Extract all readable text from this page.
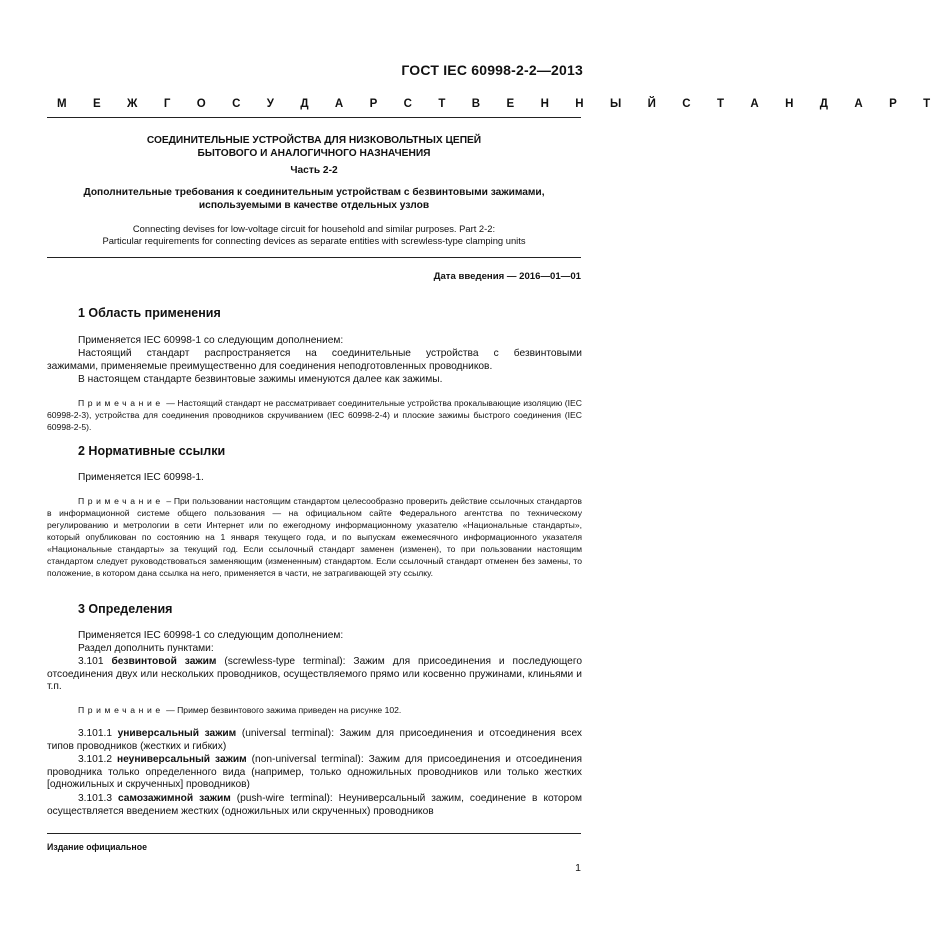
ГОСТ IEC 60998-2-2—2013
М Е Ж Г О С У Д А Р С Т В Е Н Н Ы Й С Т А Н Д А Р Т
СОЕДИНИТЕЛЬНЫЕ УСТРОЙСТВА ДЛЯ НИЗКОВОЛЬТНЫХ ЦЕПЕЙ
БЫТОВОГО И АНАЛОГИЧНОГО НАЗНАЧЕНИЯ
Часть 2-2
Дополнительные требования к соединительным устройствам с безвинтовыми зажимами,
используемыми в качестве отдельных узлов
Connecting devises for low-voltage circuit for household and similar purposes. Part 2-2:
Particular requirements for connecting devices as separate entities with screwless-type clamping units
Дата введения — 2016—01—01
1 Область применения
Применяется IEC 60998-1 со следующим дополнением:
Настоящий стандарт распространяется на соединительные устройства с безвинтовыми
зажимами, применяемые преимущественно для соединения неподготовленных проводников.
В настоящем стандарте безвинтовые зажимы именуются далее как зажимы.
Примечание — Настоящий стандарт не рассматривает соединительные устройства прокалывающие изоляцию (IEC 60998-2-3), устройства для соединения проводников скручиванием (IEC 60998-2-4) и плоские зажимы быстрого соединения (IEC 60998-2-5).
2 Нормативные ссылки
Применяется IEC 60998-1.
Примечание – При пользовании настоящим стандартом целесообразно проверить действие ссылочных стандартов в информационной системе общего пользования — на официальном сайте Федерального агентства по техническому регулированию и метрологии в сети Интернет или по ежегодному информационному указателю «Национальные стандарты», который опубликован по состоянию на 1 января текущего года, и по выпускам ежемесячного информационного указателя «Национальные стандарты» за текущий год. Если ссылочный стандарт заменен (изменен), то при пользовании настоящим стандартом следует руководствоваться заменяющим (измененным) стандартом. Если ссылочный стандарт отменен без замены, то положение, в котором дана ссылка на него, применяется в части, не затрагивающей эту ссылку.
3 Определения
Применяется IEC 60998-1 со следующим дополнением:
Раздел дополнить пунктами:
3.101 безвинтовой зажим (screwless-type terminal): Зажим для присоединения и последующего отсоединения двух или нескольких проводников, осуществляемого прямо или косвенно пружинами, клиньями и т.п.
Примечание — Пример безвинтового зажима приведен на рисунке 102.
3.101.1 универсальный зажим (universal terminal): Зажим для присоединения и отсоединения всех типов проводников (жестких и гибких)
3.101.2 неуниверсальный зажим (non-universal terminal): Зажим для присоединения и отсоединения проводника только определенного вида (например, только одножильных проводников или только жестких [одножильных и скрученных] проводников)
3.101.3 самозажимной зажим (push-wire terminal): Неуниверсальный зажим, соединение в котором осуществляется введением жестких (одножильных или скрученных) проводников
Издание официальное
1
